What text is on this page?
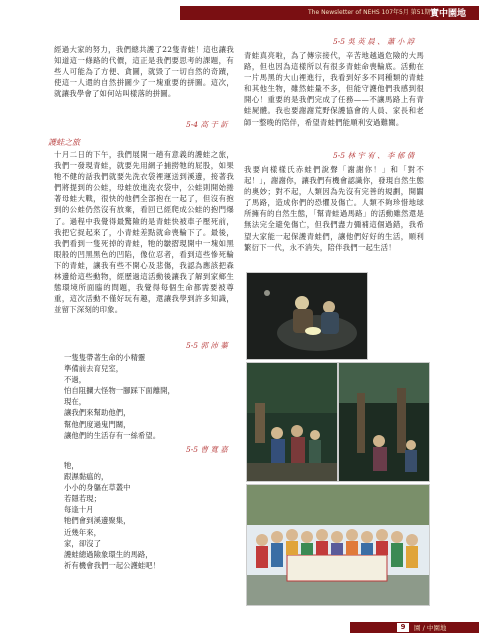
The Newsletter of NEHS 107年5月 第51期 實中園地

經過大家的努力，我們總共護了22隻青蛙！這也讓我知道這一條路的代價，這正是我們要思考的課題，有些人可能為了方便、貪圖，就毀了一切自然的奇蹟，使這一人還的自然拼圖少了一塊重要的拼圖。這次，就讓我學會了如何站叫樣落的拼圖。

5-4 高 于 訢
護蛙之旅

十月二日的下午，我們展開一趟有意義的護蛙之旅，我們一發現青蛙，就要先用網子捕撈牠的屁股，如果牠不健的話我們就要先洗衣袋裡運送到溪邊，接著我們將提到的公蛙，母蛙放進洗衣袋中，公蛙則開始捲著母蛙大戰，很快的他們全部抱在一起了，但沒有抱到的公蛙仍然沒有放棄，看回已經爬成公蛙的抱門爆了。過程中我覺得最驚險的是青蛙快被車子壓死前，我把它捉起來了，小青蛙差點就命喪輪下了。最後，我們看到一隻死掉的青蛙，牠的皺摺現開中一塊如黑眼般的凹黑黑色的凹陷，像位忍者，看到這些慘死輪下的青蛙，讓我有些不開心及悲傷，我認為應該把森林邊給這些動物，經歷過這活動後讓我了解到家鄉生態環境所面臨的問題，我覺得每個生命都需要被尊重，這次活動不僅好玩有趣，還讓我學到許多知識，並留下深刻的印象。

5-5 郭 沛 蓁
一隻隻帶著生命的小精靈
準備前去育兒室，
不過，
怕自阻攔大怪物一腳踩下面離開，
現在，
讓我們來幫助他們，
幫他們度過鬼門關，
讓他們的生活存有一絲希望。
5-5 曹 寬 嘉
牠，
跟濕黏瘟的，
小小的身軀在草叢中
若隱若現；
每逢十月
牠們會到溪邊聚集，
近幾年來，
家，卻沒了
護蛙總過險象環生的馬路，
祈有機會我們一起公護蛙吧！
5-5 吳 英 晨 、 蕭 小 諄

青蛙真亮啦，為了傳宗接代，辛苦地越過危險的大馬路，但也因為這樣所以有很多青蛙命喪輪底。活動在一片馬黑的大山裡進行，我看到好多不同種類的青蛙和其他生物，雖然蛙量不多，但能守護他們我感到很開心！重要的是我們完成了任務——不讓馬路上有青蛙屍體。我也要謝謝荒野保護協會的人員、家長和老師一整晚的陪伴，希望青蛙們能順利安過難關。

5-5 林 宇 宥 、 李 郁 倩

我要向樣樣氏赤蛙們說聲「謝謝你！」和「對不起！」，謝謝你，讓我們有機會認識你，發現自然生態的奧妙；對不起，人類因為先沒有完善的規劃，開闢了馬路，造成你們的恐懼及傷亡。人類不夠珍惜地球所擁有的自然生態，「幫青蛙過馬路」的活動雖然還是無法完全避免傷亡，但我們盡力彌補這個過錯，我希望大家能一起保護青蛙們，讓他們好好的生活，順利繁衍下一代，永不消失，陪伴我們一起生活！

9	園 / 中園地
